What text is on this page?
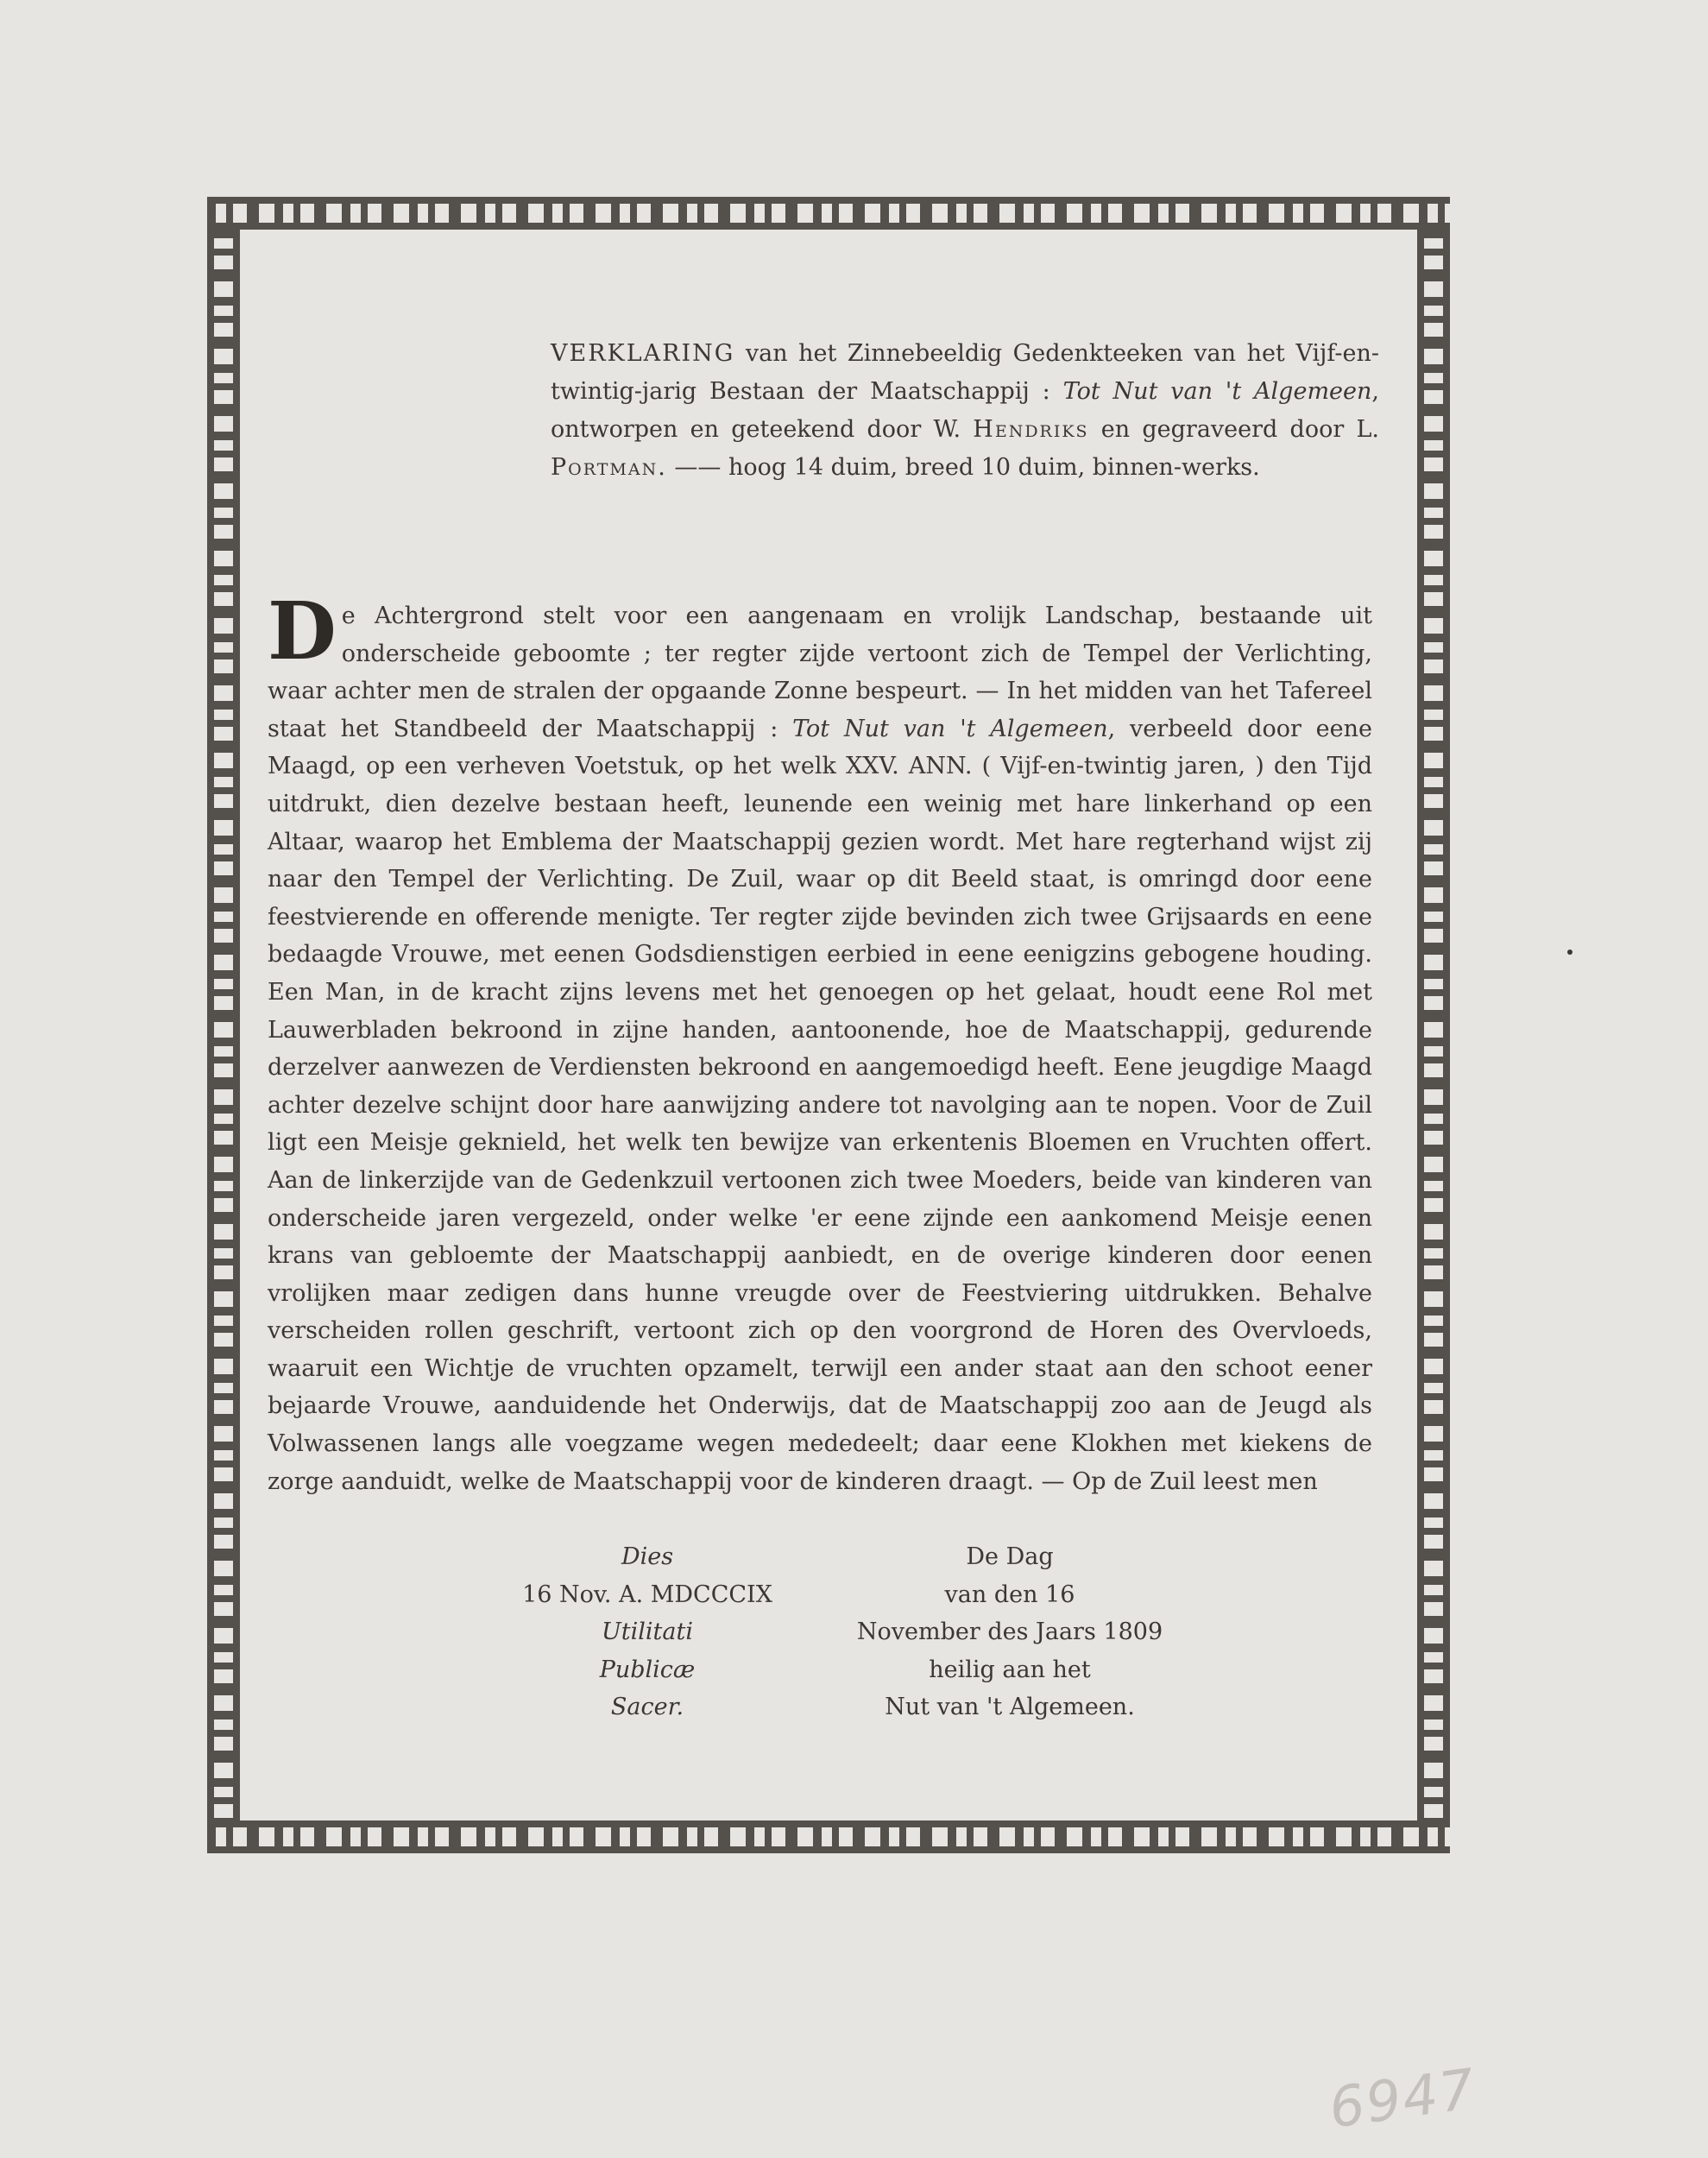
VERKLARING van het Zinnebeeldig Gedenkteeken van het Vijf-en-twintig-jarig Bestaan der Maatschappij : Tot Nut van 't Algemeen, ontworpen en geteekend door W. Hendriks en gegraveerd door L. Portman. —— hoog 14 duim, breed 10 duim, binnen-werks.
De Achtergrond stelt voor een aangenaam en vrolijk Landschap, bestaande uit onderscheide geboomte ; ter regter zijde vertoont zich de Tempel der Verlichting, waar achter men de stralen der opgaande Zonne bespeurt. — In het midden van het Tafereel staat het Standbeeld der Maatschappij : Tot Nut van 't Algemeen, verbeeld door eene Maagd, op een verheven Voetstuk, op het welk XXV. ANN. ( Vijf-en-twintig jaren, ) den Tijd uitdrukt, dien dezelve bestaan heeft, leunende een weinig met hare linkerhand op een Altaar, waarop het Emblema der Maatschappij gezien wordt. Met hare regterhand wijst zij naar den Tempel der Verlichting. De Zuil, waar op dit Beeld staat, is omringd door eene feestvierende en offerende menigte. Ter regter zijde bevinden zich twee Grijsaards en eene bedaagde Vrouwe, met eenen Godsdienstigen eerbied in eene eenigzins gebogene houding. Een Man, in de kracht zijns levens met het genoegen op het gelaat, houdt eene Rol met Lauwerbladen bekroond in zijne handen, aantoonende, hoe de Maatschappij, gedurende derzelver aanwezen de Verdiensten bekroond en aangemoedigd heeft. Eene jeugdige Maagd achter dezelve schijnt door hare aanwijzing andere tot navolging aan te nopen. Voor de Zuil ligt een Meisje geknield, het welk ten bewijze van erkentenis Bloemen en Vruchten offert. Aan de linkerzijde van de Gedenkzuil vertoonen zich twee Moeders, beide van kinderen van onderscheide jaren vergezeld, onder welke 'er eene zijnde een aankomend Meisje eenen krans van gebloemte der Maatschappij aanbiedt, en de overige kinderen door eenen vrolijken maar zedigen dans hunne vreugde over de Feestviering uitdrukken. Behalve verscheiden rollen geschrift, vertoont zich op den voorgrond de Horen des Overvloeds, waaruit een Wichtje de vruchten opzamelt, terwijl een ander staat aan den schoot eener bejaarde Vrouwe, aanduidende het Onderwijs, dat de Maatschappij zoo aan de Jeugd als Volwassenen langs alle voegzame wegen mededeelt; daar eene Klokhen met kiekens de zorge aanduidt, welke de Maatschappij voor de kinderen draagt. — Op de Zuil leest men
Dies
16 Nov. A. MDCCCIX
Utilitati
Publicæ
Sacer.
De Dag
van den 16
November des Jaars 1809
heilig aan het
Nut van 't Algemeen.
6947
